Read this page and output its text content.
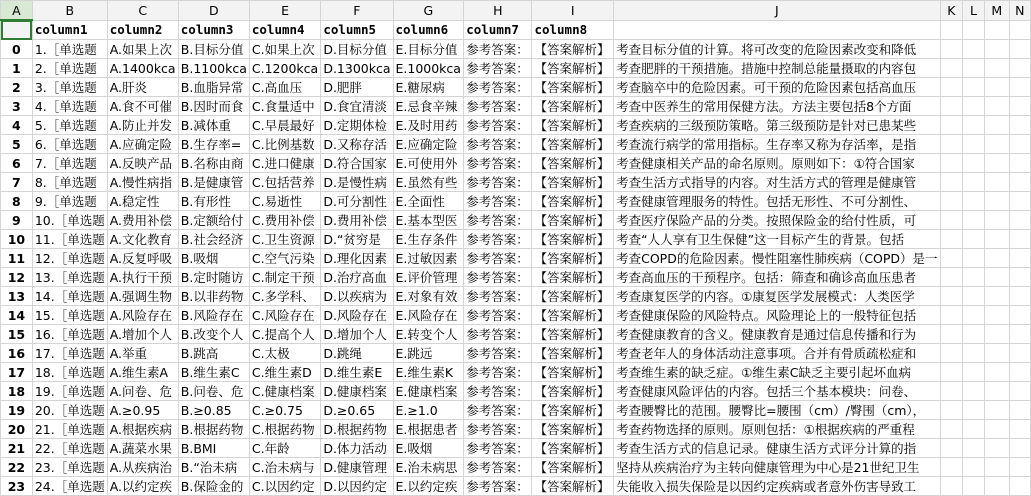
A	B	C	D	E	F	G	H	I	J	K	L	M	N
	column1	column2	column3	column4	column5	column6	column7	column8					
0	1.［单选题	A.如果上次	B.目标分值	C.如果上次	D.目标分值	E.目标分值	参考答案：	【答案解析】	考查目标分值的计算。将可改变的危险因素改变和降低				
1	2.［单选题	A.1400kca	B.1100kca	C.1200kca	D.1300kca	E.1000kca	参考答案：	【答案解析】	考查肥胖的干预措施。措施中控制总能量摄取的内容包				
2	3.［单选题	A.肝炎	B.血脂异常	C.高血压	D.肥胖	E.糖尿病	参考答案：	【答案解析】	考查脑卒中的危险因素。可干预的危险因素包括高血压				
3	4.［单选题	A.食不可催	B.因时而食	C.食量适中	D.食宜清淡	E.忌食辛辣	参考答案：	【答案解析】	考查中医养生的常用保健方法。方法主要包括8个方面				
4	5.［单选题	A.防止并发	B.减体重	C.早晨最好	D.定期体检	E.及时用药	参考答案：	【答案解析】	考查疾病的三级预防策略。第三级预防是针对已患某些				
5	6.［单选题	A.应确定险	B.生存率=	C.比例基数	D.又称存活	E.应确定险	参考答案：	【答案解析】	考查流行病学的常用指标。生存率又称为存活率，是指				
6	7.［单选题	A.反映产品	B.名称由商	C.进口健康	D.符合国家	E.可使用外	参考答案：	【答案解析】	考查健康相关产品的命名原则。原则如下：①符合国家				
7	8.［单选题	A.慢性病指	B.是健康管	C.包括营养	D.是慢性病	E.虽然有些	参考答案：	【答案解析】	考查生活方式指导的内容。对生活方式的管理是健康管				
8	9.［单选题	A.稳定性	B.有形性	C.易逝性	D.可分割性	E.全面性	参考答案：	【答案解析】	考查健康管理服务的特性。包括无形性、不可分割性、				
9	10.［单选题	A.费用补偿	B.定额给付	C.费用补偿	D.费用补偿	E.基本型医	参考答案：	【答案解析】	考查医疗保险产品的分类。按照保险金的给付性质，可				
10	11.［单选题	A.文化教育	B.社会经济	C.卫生资源	D.“贫穷是	E.生存条件	参考答案：	【答案解析】	考查“人人享有卫生保健”这一目标产生的背景。包括				
11	12.［单选题	A.反复呼吸	B.吸烟	C.空气污染	D.理化因素	E.过敏因素	参考答案：	【答案解析】	考查COPD的危险因素。慢性阻塞性肺疾病（COPD）是一				
12	13.［单选题	A.执行干预	B.定时随访	C.制定干预	D.治疗高血	E.评价管理	参考答案：	【答案解析】	考查高血压的干预程序。包括：筛查和确诊高血压患者				
13	14.［单选题	A.强调生物	B.以非药物	C.多学科、	D.以疾病为	E.对象有效	参考答案：	【答案解析】	考查康复医学的内容。①康复医学发展模式：人类医学				
14	15.［单选题	A.风险存在	B.风险存在	C.风险存在	D.风险存在	E.风险存在	参考答案：	【答案解析】	考查健康保险的风险特点。风险理论上的一般特征包括				
15	16.［单选题	A.增加个人	B.改变个人	C.提高个人	D.增加个人	E.转变个人	参考答案：	【答案解析】	考查健康教育的含义。健康教育是通过信息传播和行为				
16	17.［单选题	A.举重	B.跳高	C.太极	D.跳绳	E.跳远	参考答案：	【答案解析】	考查老年人的身体活动注意事项。合并有骨质疏松症和				
17	18.［单选题	A.维生素A	B.维生素C	C.维生素D	D.维生素E	E.维生素K	参考答案：	【答案解析】	考查维生素的缺乏症。①维生素C缺乏主要引起坏血病				
18	19.［单选题	A.问卷、危	B.问卷、危	C.健康档案	D.健康档案	E.健康档案	参考答案：	【答案解析】	考查健康风险评估的内容。包括三个基本模块：问卷、				
19	20.［单选题	A.≥0.95	B.≥0.85	C.≥0.75	D.≥0.65	E.≥1.0	参考答案：	【答案解析】	考查腰臀比的范围。腰臀比=腰围（cm）/臀围（cm），				
20	21.［单选题	A.根据疾病	B.根据药物	C.根据药物	D.根据药物	E.根据患者	参考答案：	【答案解析】	考查药物选择的原则。原则包括：①根据疾病的严重程				
21	22.［单选题	A.蔬菜水果	B.BMI	C.年龄	D.体力活动	E.吸烟	参考答案：	【答案解析】	考查生活方式的信息记录。健康生活方式评分计算的指				
22	23.［单选题	A.从疾病治	B.“治未病	C.治未病与	D.健康管理	E.治未病思	参考答案：	【答案解析】	坚持从疾病治疗为主转向健康管理为中心是21世纪卫生				
23	24.［单选题	A.以约定疾	B.保险金的	C.以因约定	D.以因约定	E.以约定疾	参考答案：	【答案解析】	失能收入损失保险是以因约定疾病或者意外伤害导致工				
